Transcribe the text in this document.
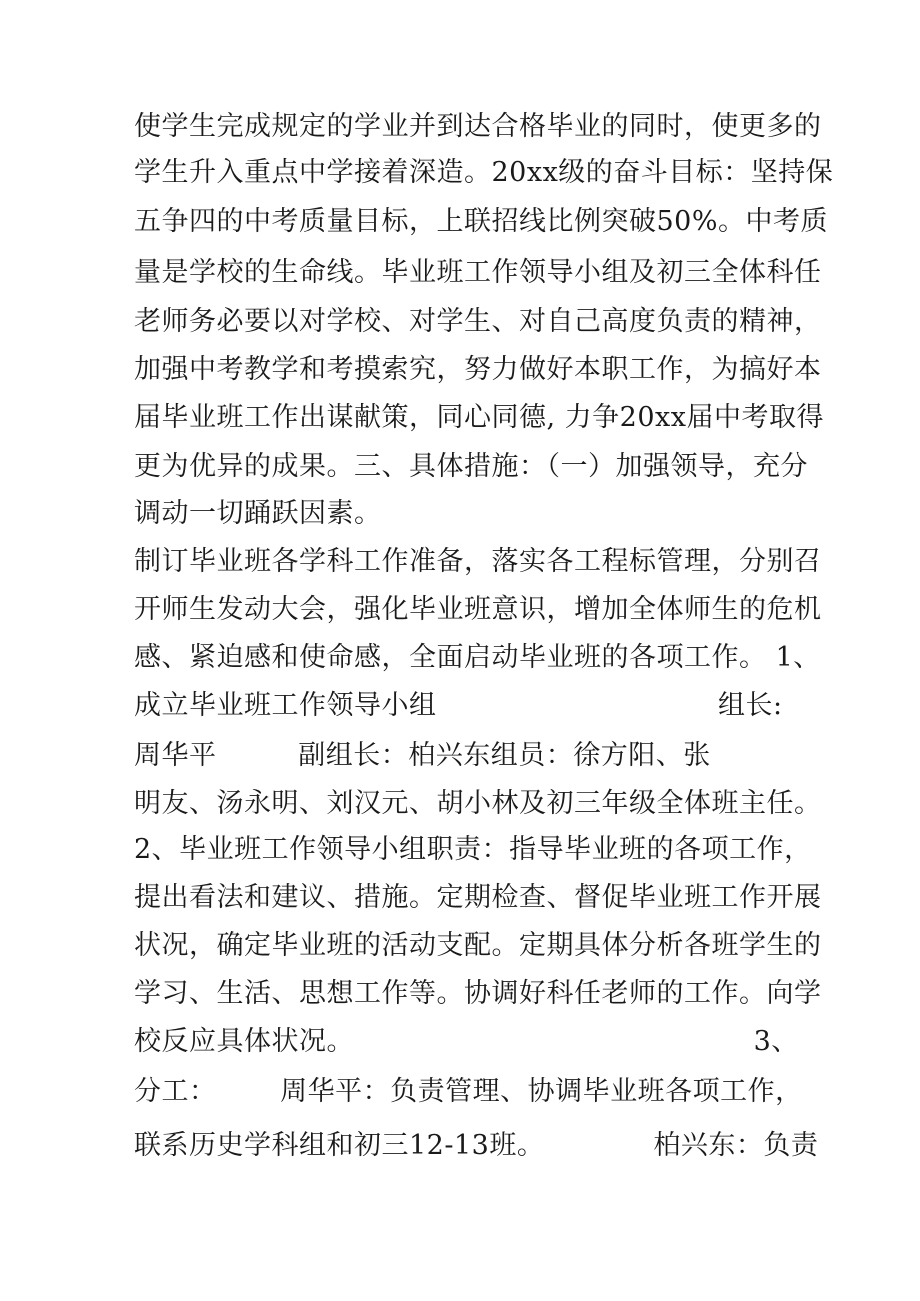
使学生完成规定的学业并到达合格毕业的同时，使更多的
学生升入重点中学接着深造。20xx级的奋斗目标：坚持保
五争四的中考质量目标，上联招线比例突破50%。中考质
量是学校的生命线。毕业班工作领导小组及初三全体科任
老师务必要以对学校、对学生、对自己高度负责的精神，
加强中考教学和考摸索究，努力做好本职工作，为搞好本
届毕业班工作出谋献策，同心同德, 力争20xx届中考取得
更为优异的成果。三、具体措施：（一）加强领导，充分
调动一切踊跃因素。
制订毕业班各学科工作准备，落实各工程标管理，分别召
开师生发动大会，强化毕业班意识，增加全体师生的危机
感、紧迫感和使命感，全面启动毕业班的各项工作。 1、
成立毕业班工作领导小组                               组长:
周华平         副组长：柏兴东组员：徐方阳、张
明友、汤永明、刘汉元、胡小林及初三年级全体班主任。
2、毕业班工作领导小组职责：指导毕业班的各项工作，
提出看法和建议、措施。定期检查、督促毕业班工作开展
状况，确定毕业班的活动支配。定期具体分析各班学生的
学习、生活、思想工作等。协调好科任老师的工作。向学
校反应具体状况。                                            3、
分工：       周华平：负责管理、协调毕业班各项工作，
联系历史学科组和初三12-13班。            柏兴东：负责
